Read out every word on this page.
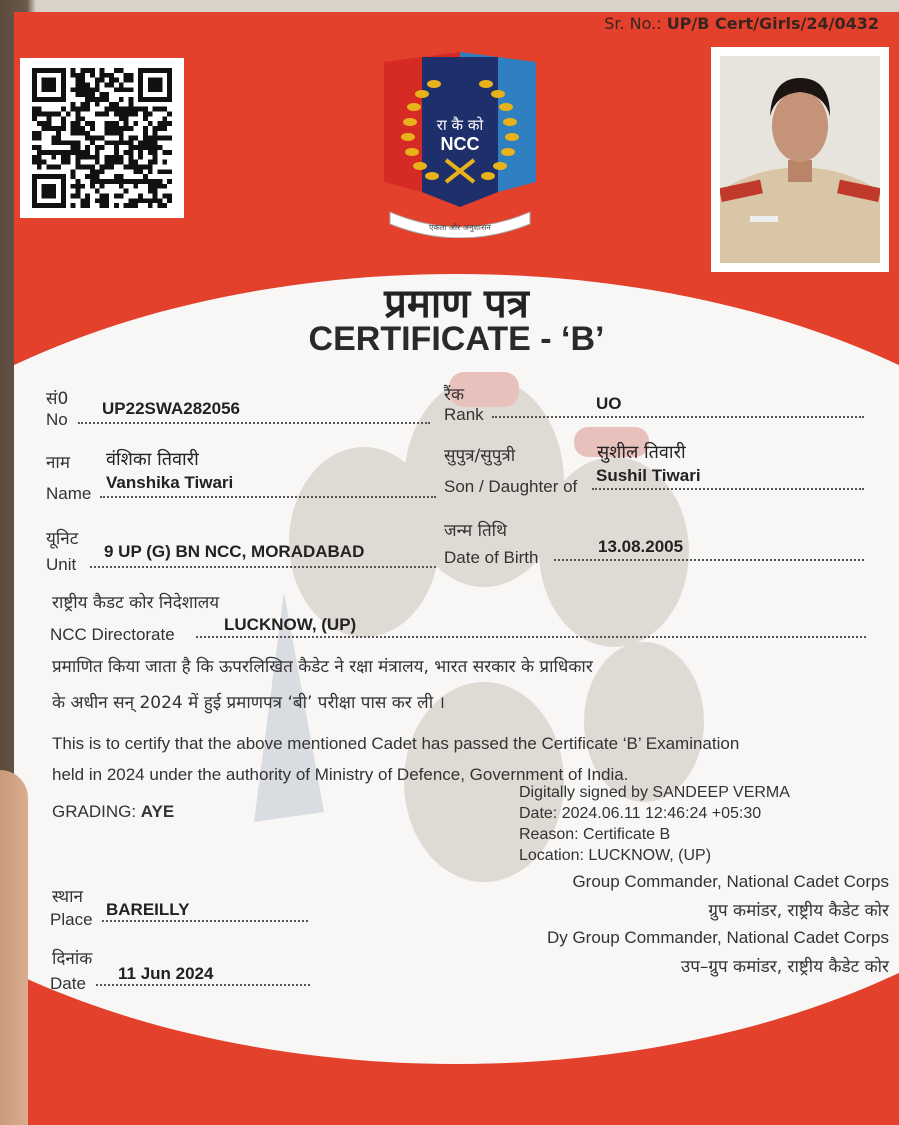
Sr. No.: UP/B Cert/Girls/24/0432
रा कै को
NCC
एकता और अनुशासन
प्रमाण पत्र
CERTIFICATE - ‘B’
सं0
No
UP22SWA282056
रैंक
Rank
UO
नाम वंशिका तिवारी
Name
Vanshika Tiwari
सुपुत्र/सुपुत्री	सुशील तिवारी
Son / Daughter of
Sushil Tiwari
यूनिट
Unit
9 UP (G) BN NCC, MORADABAD
जन्म तिथि
Date of Birth
13.08.2005
राष्ट्रीय कैडट कोर निदेशालय
NCC Directorate
LUCKNOW, (UP)
प्रमाणित किया जाता है कि ऊपरलिखित कैडेट ने रक्षा मंत्रालय, भारत सरकार के प्राधिकार
के अधीन सन् 2024 में हुई प्रमाणपत्र ‘बी’ परीक्षा पास कर ली ।
This is to certify that the above mentioned Cadet has passed the Certificate ‘B’ Examination
held in 2024 under the authority of Ministry of Defence, Government of India.
GRADING: AYE
Digitally signed by SANDEEP VERMA
Date: 2024.06.11 12:46:24 +05:30
Reason: Certificate B
Location: LUCKNOW, (UP)
स्थान
Place
BAREILLY
दिनांक
Date
11 Jun 2024
Group Commander, National Cadet Corps
ग्रुप कमांडर, राष्ट्रीय कैडेट कोर
Dy Group Commander, National Cadet Corps
उप–ग्रुप कमांडर, राष्ट्रीय कैडेट कोर
